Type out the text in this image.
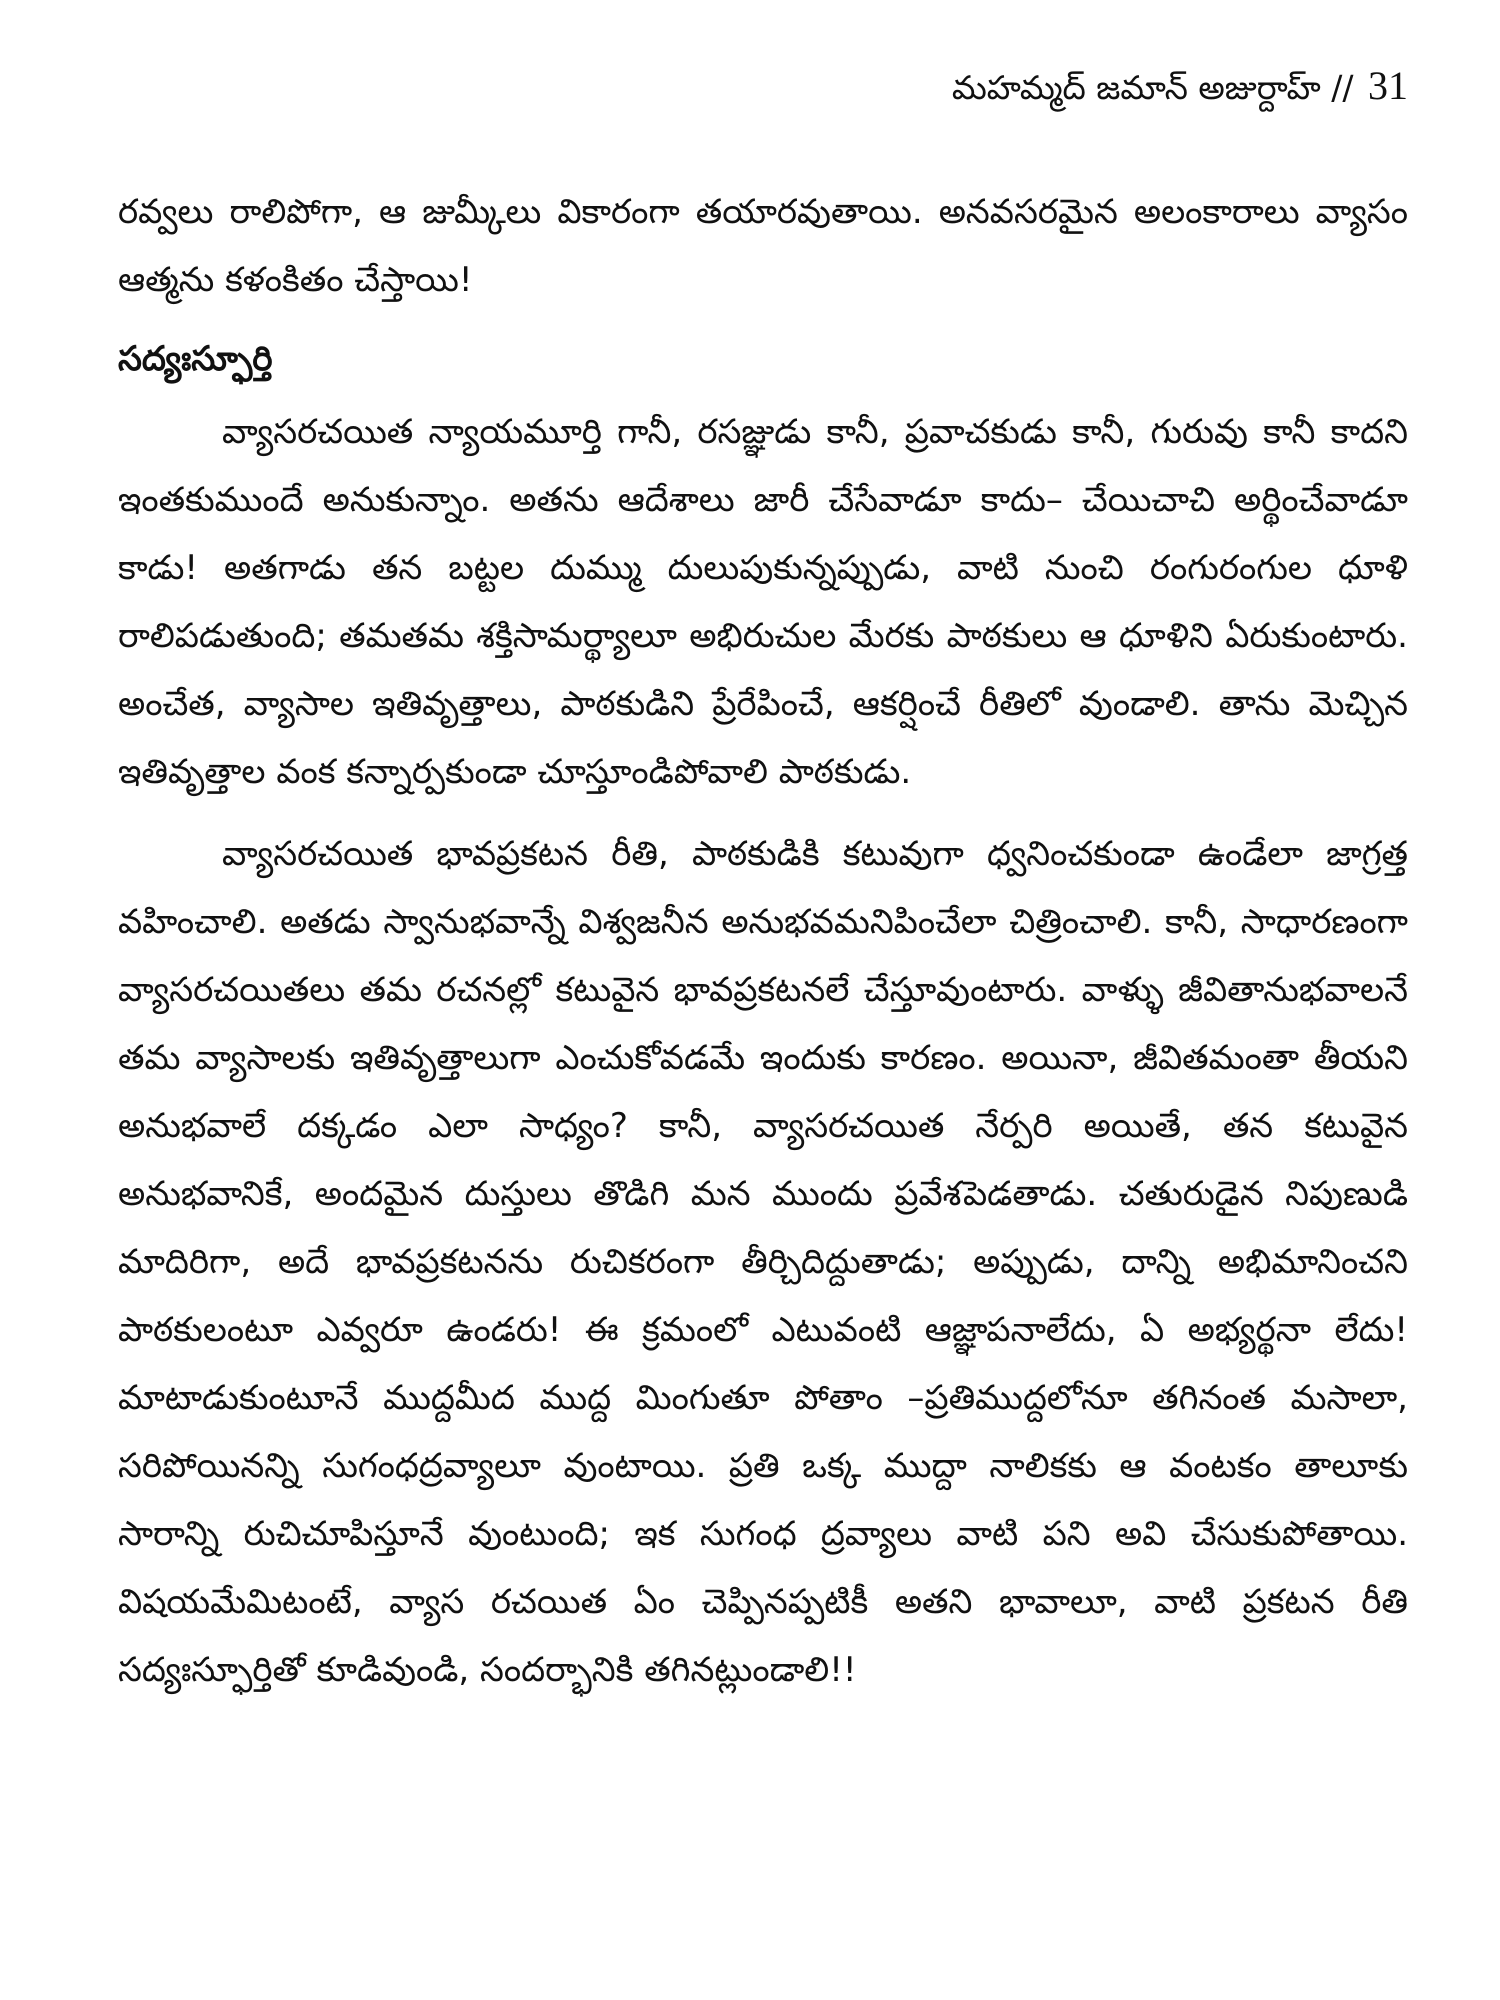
మహమ్మద్ జమాన్ అజుర్దాహ్ // 31

రవ్వలు రాలిపోగా, ఆ జుమ్కీలు వికారంగా తయారవుతాయి. అనవసరమైన అలంకారాలు వ్యాసం ఆత్మను కళంకితం చేస్తాయి!

సద్యఃస్ఫూర్తి

వ్యాసరచయిత న్యాయమూర్తి గానీ, రసజ్ఞుడు కానీ, ప్రవాచకుడు కానీ, గురువు కానీ కాదని ఇంతకుముందే అనుకున్నాం. అతను ఆదేశాలు జారీ చేసేవాడూ కాదు– చేయిచాచి అర్థించేవాడూ కాడు! అతగాడు తన బట్టల దుమ్ము దులుపుకున్నప్పుడు, వాటి నుంచి రంగురంగుల ధూళి రాలిపడుతుంది; తమతమ శక్తిసామర్థ్యాలూ అభిరుచుల మేరకు పాఠకులు ఆ ధూళిని ఏరుకుంటారు. అంచేత, వ్యాసాల ఇతివృత్తాలు, పాఠకుడిని ప్రేరేపించే, ఆకర్షించే రీతిలో వుండాలి. తాను మెచ్చిన ఇతివృత్తాల వంక కన్నార్పకుండా చూస్తూండిపోవాలి పాఠకుడు.

వ్యాసరచయిత భావప్రకటన రీతి, పాఠకుడికి కటువుగా ధ్వనించకుండా ఉండేలా జాగ్రత్త వహించాలి. అతడు స్వానుభవాన్నే విశ్వజనీన అనుభవమనిపించేలా చిత్రించాలి. కానీ, సాధారణంగా వ్యాసరచయితలు తమ రచనల్లో కటువైన భావప్రకటనలే చేస్తూవుంటారు. వాళ్ళు జీవితానుభవాలనే తమ వ్యాసాలకు ఇతివృత్తాలుగా ఎంచుకోవడమే ఇందుకు కారణం. అయినా, జీవితమంతా తీయని అనుభవాలే దక్కడం ఎలా సాధ్యం? కానీ, వ్యాసరచయిత నేర్పరి అయితే, తన కటువైన అనుభవానికే, అందమైన దుస్తులు తొడిగి మన ముందు ప్రవేశపెడతాడు. చతురుడైన నిపుణుడి మాదిరిగా, అదే భావప్రకటనను రుచికరంగా తీర్చిదిద్దుతాడు; అప్పుడు, దాన్ని అభిమానించని పాఠకులంటూ ఎవ్వరూ ఉండరు! ఈ క్రమంలో ఎటువంటి ఆజ్ఞాపనాలేదు, ఏ అభ్యర్థనా లేదు! మాటాడుకుంటూనే ముద్దమీద ముద్ద మింగుతూ పోతాం –ప్రతిముద్దలోనూ తగినంత మసాలా, సరిపోయినన్ని సుగంధద్రవ్యాలూ వుంటాయి. ప్రతి ఒక్క ముద్దా నాలికకు ఆ వంటకం తాలూకు సారాన్ని రుచిచూపిస్తూనే వుంటుంది; ఇక సుగంధ ద్రవ్యాలు వాటి పని అవి చేసుకుపోతాయి. విషయమేమిటంటే, వ్యాస రచయిత ఏం చెప్పినప్పటికీ అతని భావాలూ, వాటి ప్రకటన రీతి సద్యఃస్ఫూర్తితో కూడివుండి, సందర్భానికి తగినట్లుండాలి!!
